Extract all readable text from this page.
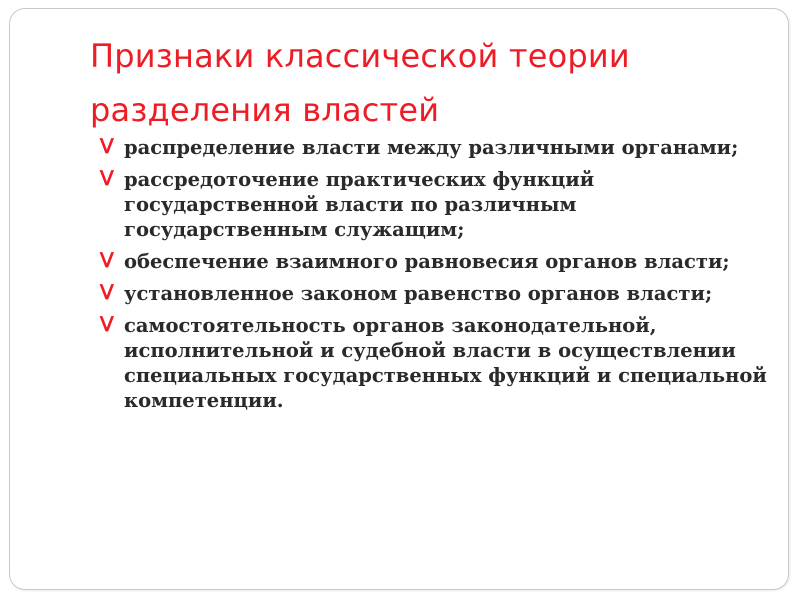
Признаки классической теории
разделения властей
ᐯ распределение власти между различными органами;
ᐯ рассредоточение практических функций государственной власти по различным государственным служащим;
ᐯ обеспечение взаимного равновесия органов власти;
ᐯ установленное законом равенство органов власти;
ᐯ самостоятельность органов законодательной, исполнительной и судебной власти в осуществлении специальных государственных функций и специальной компетенции.
